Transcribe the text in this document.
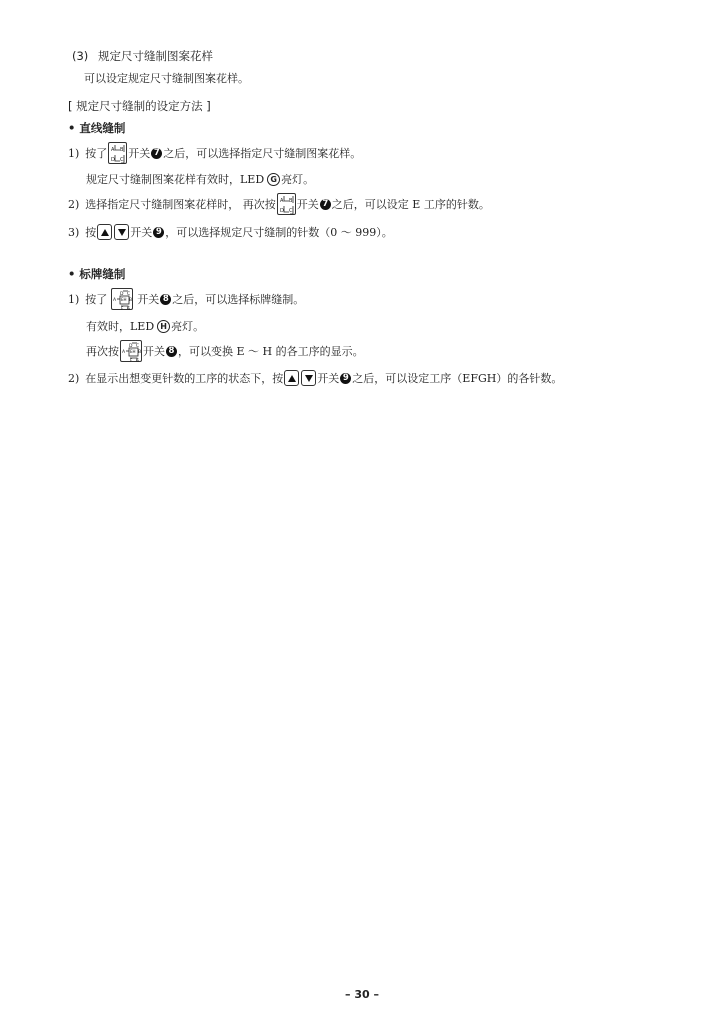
(3) 规定尺寸缝制图案花样
可以设定规定尺寸缝制图案花样。
[ 规定尺寸缝制的设定方法 ]
• 直线缝制
1) 按了 A B
D C 开关 7 之后，可以选择指定尺寸缝制图案花样。
规定尺寸缝制图案花样有效时，LED G 亮灯。
2) 选择指定尺寸缝制图案花样时， 再次按 A B
D C 开关 7 之后，可以设定 E 工序的针数。
3) 按	开关 9 ，可以选择规定尺寸缝制的针数（0 ～ 999）。
• 标牌缝制
1) 按了	D C
A EH B
F G
开关 8 之后，可以选择标牌缝制。
有效时，LED H 亮灯。
再次按 D C
A EH B
F G
开关 8 ，可以变换 E ～ H 的各工序的显示。
2) 在显示出想变更针数的工序的状态下，按	开关 9 之后，可以设定工序（EFGH）的各针数。
– 30 –
